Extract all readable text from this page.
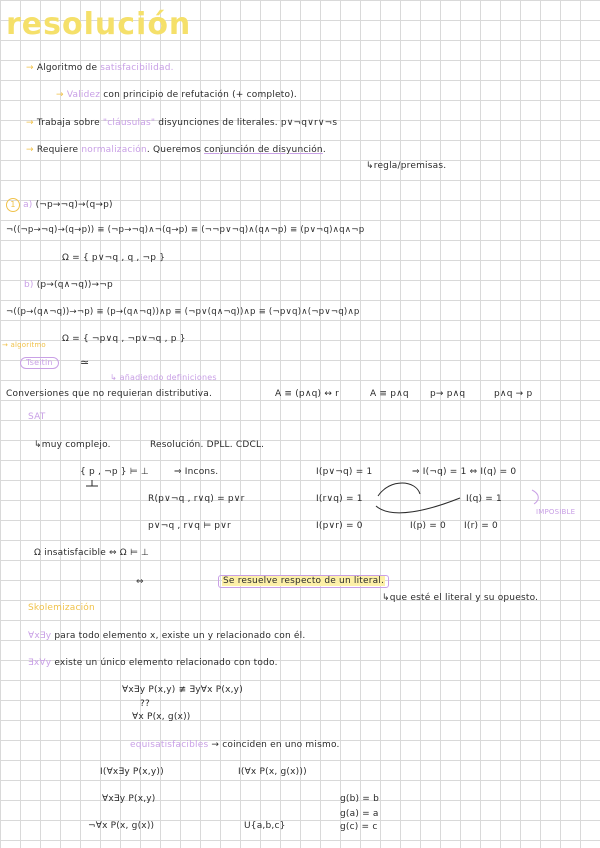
resolución
→ Algoritmo de satisfacibilidad.
→ Validez con principio de refutación (+ completo).
→ Trabaja sobre "cláusulas" disyunciones de literales. p∨¬q∨r∨¬s
→ Requiere normalización. Queremos conjunción de disyunción.
↳regla/premisas.
1 a) (¬p→¬q)→(q→p)
¬((¬p→¬q)→(q→p)) ≡ (¬p→¬q)∧¬(q→p) ≡ (¬¬p∨¬q)∧(q∧¬p) ≡ (p∨¬q)∧q∧¬p
Ω = { p∨¬q , q , ¬p }
b) (p→(q∧¬q))→¬p
¬((p→(q∧¬q))→¬p) ≡ (p→(q∧¬q))∧p ≡ (¬p∨(q∧¬q))∧p ≡ (¬p∨q)∧(¬p∨¬q)∧p
Ω = { ¬p∨q , ¬p∨¬q , p }
→ algoritmo
Tseitin	≃
↳ añadiendo definiciones
Conversiones que no requieran distributiva.	A ≡ (p∧q) ↔ r	A ≡ p∧q p→ p∧q	p∧q → p
SAT
↳muy complejo.	Resolución. DPLL. CDCL.
{ p , ¬p } ⊨ ⊥	⇒ Incons.
R(p∨¬q , r∨q) = p∨r
p∨¬q , r∨q ⊨ p∨r
I(p∨¬q) = 1	⇒ I(¬q) = 1 ⇔ I(q) = 0
I(r∨q) = 1	I(q) = 1
IMPOSIBLE
I(p∨r) = 0	I(p) = 0 I(r) = 0
Ω insatisfacible ⇔ Ω ⊨ ⊥
⇔	Se resuelve respecto de un literal.
↳que esté el literal y su opuesto.
Skolemización
∀x∃y para todo elemento x, existe un y relacionado con él.
∃x∀y existe un único elemento relacionado con todo.
∀x∃y P(x,y) ≢ ∃y∀x P(x,y)
??
∀x P(x, g(x))
equisatisfacibles → coinciden en uno mismo.
I(∀x∃y P(x,y))	I(∀x P(x, g(x)))
∀x∃y P(x,y)
¬∀x P(x, g(x))	U{a,b,c}
g(b) = b
g(a) = a
g(c) = c
